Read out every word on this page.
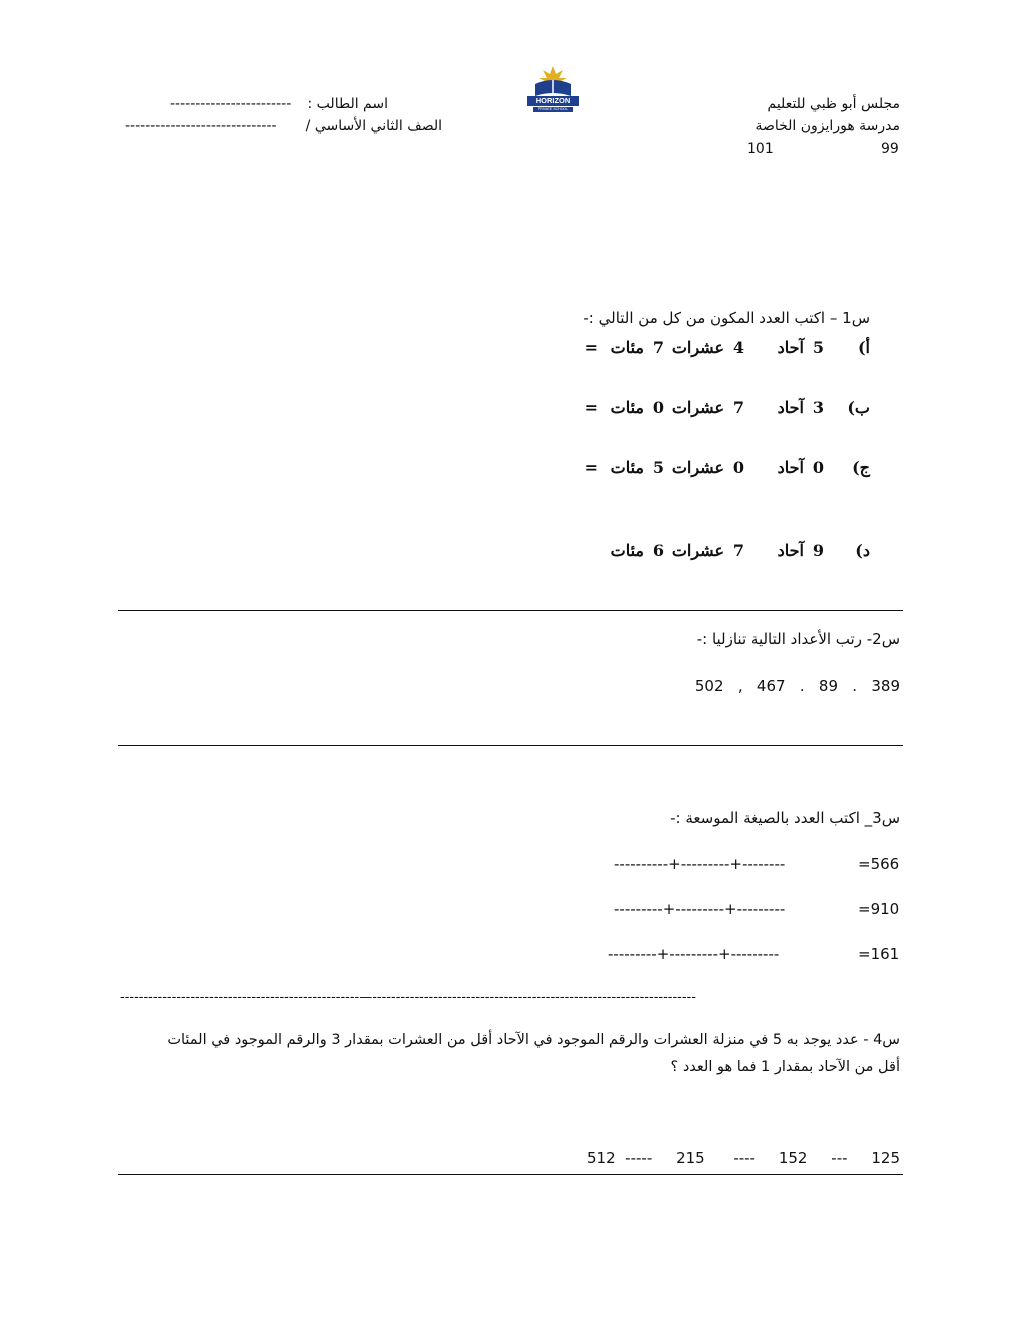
مجلس أبو ظبي للتعليم
مدرسة هورايزون الخاصة
99
101
HORIZON
PRIVATE SCHOOL
اسم الطالب :
------------------------
الصف الثاني الأساسي /
------------------------------
س1 – اكتب العدد المكون من كل من التالي :-
أ)
5
آحاد
4
عشرات
7
مئات
=
ب)
3
آحاد
7
عشرات
0
مئات
=
ج)
0
آحاد
0
عشرات
5
مئات
=
د)
9
آحاد
7
عشرات
6
مئات
س2- رتب الأعداد التالية تنازليا :-
502   ,   467   .   89   .   389
س3_ اكتب العدد بالصيغة الموسعة :-
=566
----------+---------+--------
=910
---------+---------+---------
=161
---------+---------+---------
---------------------------------------------------—---------------------------------------------------------------------
س4 - عدد يوجد به 5 في منزلة العشرات والرقم الموجود في الآحاد أقل من العشرات بمقدار 3 والرقم الموجود في المئات
أقل من الآحاد بمقدار 1 فما هو العدد ؟
512  -----     215      ----     152     ---     125
